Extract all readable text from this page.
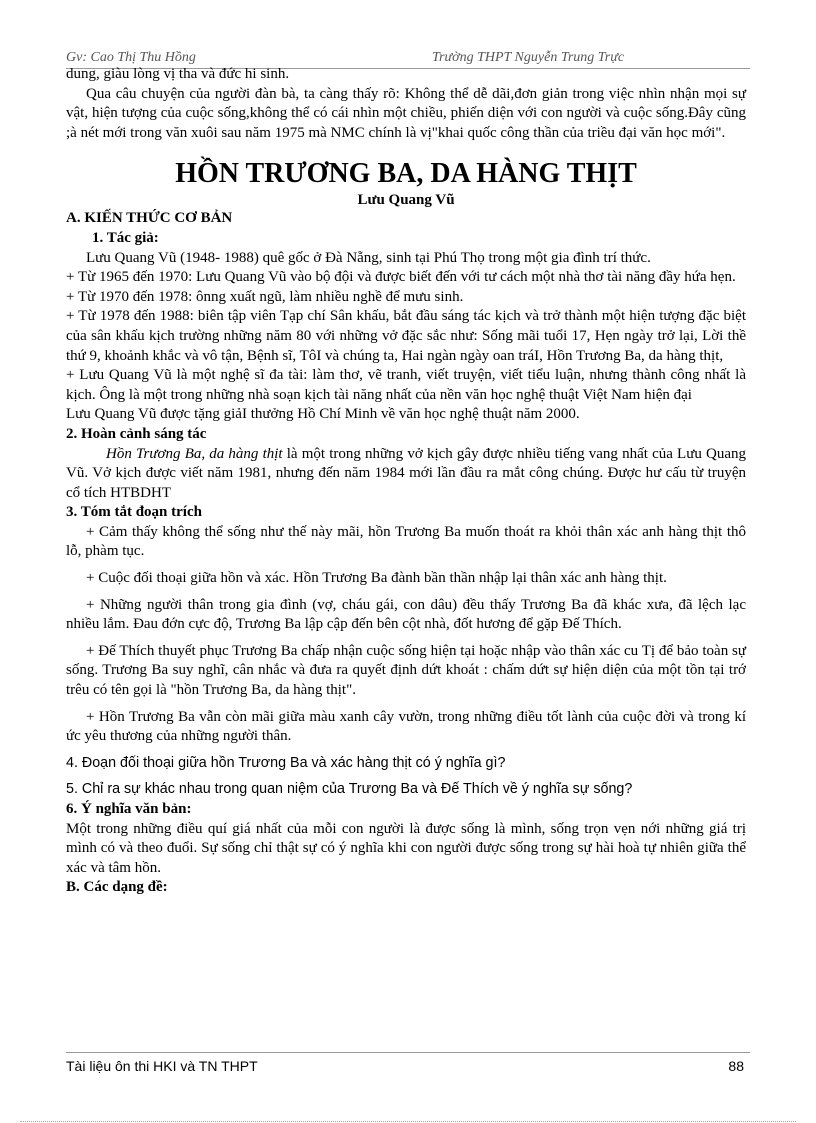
Gv: Cao Thị Thu Hồng	Trường THPT Nguyễn Trung Trực

dung, giàu lòng vị tha và đức hi sinh.

Qua câu chuyện của người đàn bà, ta càng thấy rõ: Không thể dễ dãi,đơn giản trong việc nhìn nhận mọi sự vật, hiện tượng của cuộc sống,không thể có cái nhìn một chiều, phiến diện với con người và cuộc sống.Đây cũng ;à nét mới trong văn xuôi sau năm 1975 mà NMC chính là vị"khai quốc công thần của triều đại văn học mới".

HỒN TRƯƠNG BA, DA HÀNG THỊT
Lưu Quang Vũ

A. KIẾN THỨC CƠ BẢN

1. Tác giả:

Lưu Quang Vũ (1948- 1988) quê gốc ở Đà Nẵng, sinh tại Phú Thọ trong một gia đình trí thức.

+ Từ 1965 đến 1970: Lưu Quang Vũ vào bộ đội và được biết đến với tư cách một nhà thơ tài năng đầy hứa hẹn.

+ Từ 1970 đến 1978: ônng xuất ngũ, làm nhiều nghề để mưu sinh.

+ Từ 1978 đến 1988: biên tập viên Tạp chí Sân khấu, bắt đầu sáng tác kịch và trở thành một hiện tượng đặc biệt của sân khấu kịch trường những năm 80 với những vở đặc sắc như: Sống mãi tuổi 17, Hẹn ngày trở lại, Lời thề thứ 9, khoảnh khắc và vô tận, Bệnh sĩ, TôI và chúng ta, Hai ngàn ngày oan tráI, Hồn Trương Ba, da hàng thịt,

+ Lưu Quang Vũ là một nghệ sĩ đa tài: làm thơ, vẽ tranh, viết truyện, viết tiểu luận, nhưng thành công nhất là kịch. Ông là một trong những nhà soạn kịch tài năng nhất của nền văn học nghệ thuật Việt Nam hiện đại

Lưu Quang Vũ được tặng giảI thưởng Hồ Chí Minh về văn học nghệ thuật năm 2000.

2. Hoàn cảnh sáng tác

Hồn Trương Ba, da hàng thịt là một trong những vở kịch gây được nhiều tiếng vang nhất của Lưu Quang Vũ. Vở kịch được viết năm 1981, nhưng đến năm 1984 mới lần đầu ra mắt công chúng. Được hư cấu từ truyện cổ tích HTBDHT

3. Tóm tắt đoạn trích

+ Cảm thấy không thể sống như thế này mãi, hồn Trương Ba muốn thoát ra khỏi thân xác anh hàng thịt thô lỗ, phàm tục.

+ Cuộc đối thoại giữa hồn và xác. Hồn Trương Ba đành bần thần nhập lại thân xác anh hàng thịt.

+ Những người thân trong gia đình (vợ, cháu gái, con dâu) đều thấy Trương Ba đã khác xưa, đã lệch lạc nhiều lắm. Đau đớn cực độ, Trương Ba lập cập đến bên cột nhà, đốt hương để gặp Đế Thích.

+ Đế Thích thuyết phục Trương Ba chấp nhận cuộc sống hiện tại hoặc nhập vào thân xác cu Tị để bảo toàn sự sống. Trương Ba suy nghĩ, cân nhắc và đưa ra quyết định dứt khoát : chấm dứt sự hiện diện của một tồn tại trớ trêu có tên gọi là "hồn Trương Ba, da hàng thịt".

+ Hồn Trương Ba vẫn còn mãi giữa màu xanh cây vườn, trong những điều tốt lành của cuộc đời và trong kí ức yêu thương của những người thân.

4. Đoạn đối thoại giữa hồn Trương Ba và xác hàng thịt có ý nghĩa gì?

5. Chỉ ra sự khác nhau trong quan niệm của Trương Ba và Đế Thích về ý nghĩa sự sống?

6. Ý nghĩa văn bản:

Một trong những điều quí giá nhất của mỗi con người là được sống là mình, sống trọn vẹn nới những giá trị mình có và theo đuổi. Sự sống chỉ thật sự có ý nghĩa khi con người được sống trong sự hài hoà tự nhiên giữa thể xác và tâm hồn.

B. Các dạng đề:

Tài liệu ôn thi HKI và TN THPT	88
